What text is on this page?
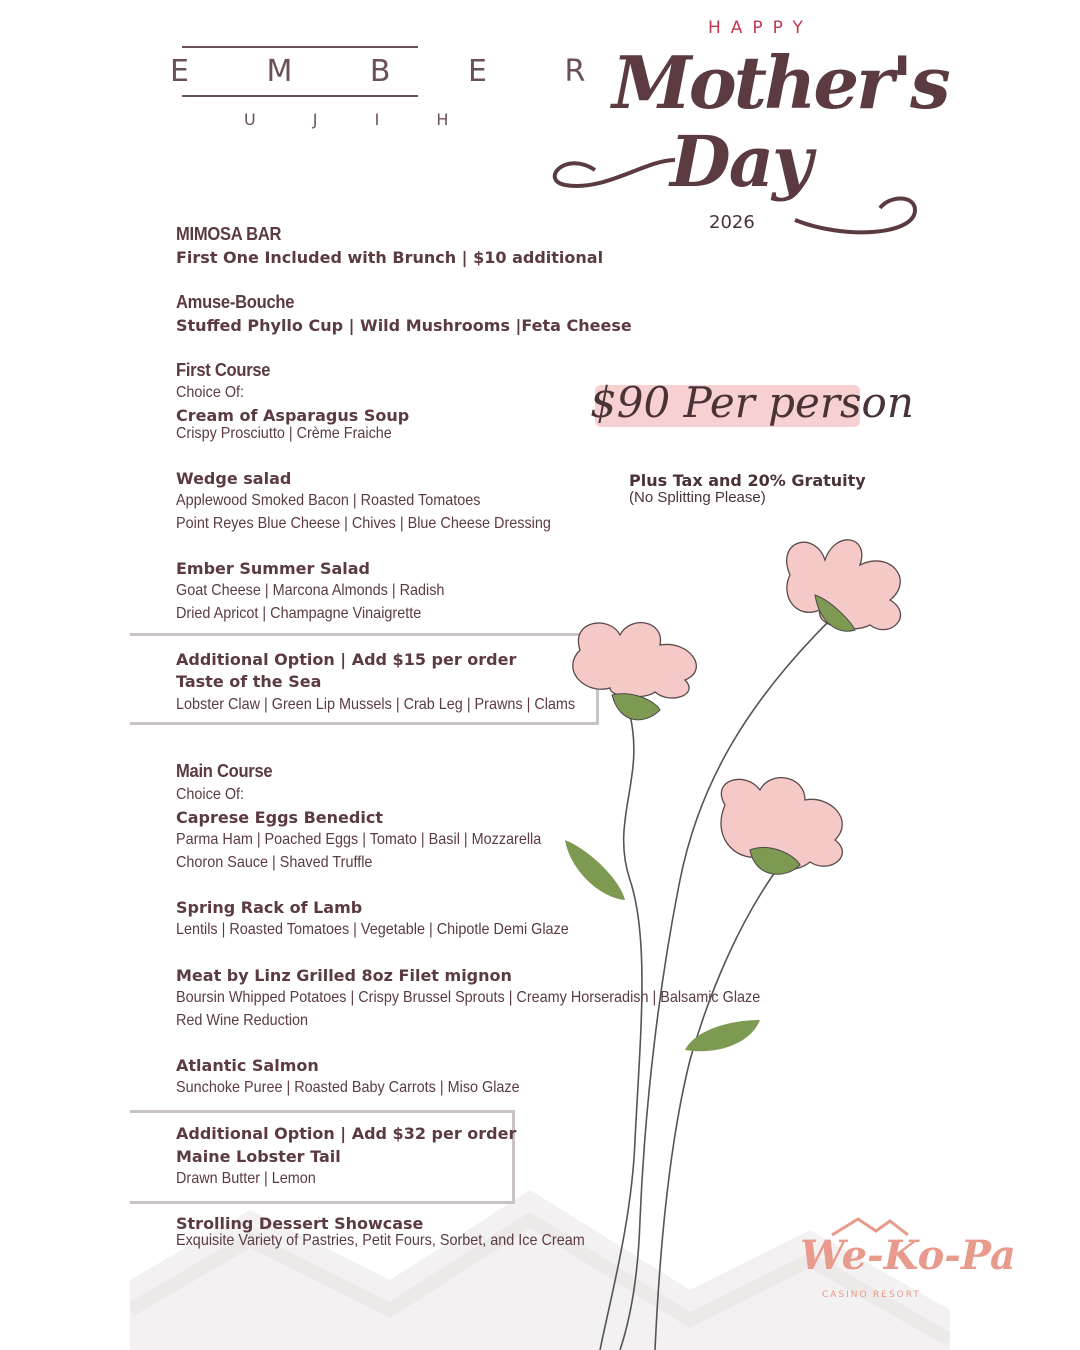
E M B E R
U J I H
HAPPY
Mother's
Day
2026
$90 Per person
Plus Tax and 20% Gratuity
(No Splitting Please)
MIMOSA BAR
First One Included with Brunch | $10 additional
Amuse-Bouche
Stuffed Phyllo Cup | Wild Mushrooms |Feta Cheese
First Course
Choice Of:
Cream of Asparagus Soup
Crispy Prosciutto | Crème Fraiche
Wedge salad
Applewood Smoked Bacon | Roasted Tomatoes
Point Reyes Blue Cheese | Chives | Blue Cheese Dressing
Ember Summer Salad
Goat Cheese | Marcona Almonds | Radish
Dried Apricot | Champagne Vinaigrette
Additional Option | Add $15 per order
Taste of the Sea
Lobster Claw | Green Lip Mussels | Crab Leg | Prawns | Clams
Main Course
Choice Of:
Caprese Eggs Benedict
Parma Ham | Poached Eggs | Tomato | Basil | Mozzarella
Choron Sauce | Shaved Truffle
Spring Rack of Lamb
Lentils | Roasted Tomatoes | Vegetable | Chipotle Demi Glaze
Meat by Linz Grilled 8oz Filet mignon
Boursin Whipped Potatoes | Crispy Brussel Sprouts | Creamy Horseradish | Balsamic Glaze
Red Wine Reduction
Atlantic Salmon
Sunchoke Puree | Roasted Baby Carrots | Miso Glaze
Additional Option | Add $32 per order
Maine Lobster Tail
Drawn Butter | Lemon
Strolling Dessert Showcase
Exquisite Variety of Pastries, Petit Fours, Sorbet, and Ice Cream	We-Ko-Pa
CASINO RESORT
